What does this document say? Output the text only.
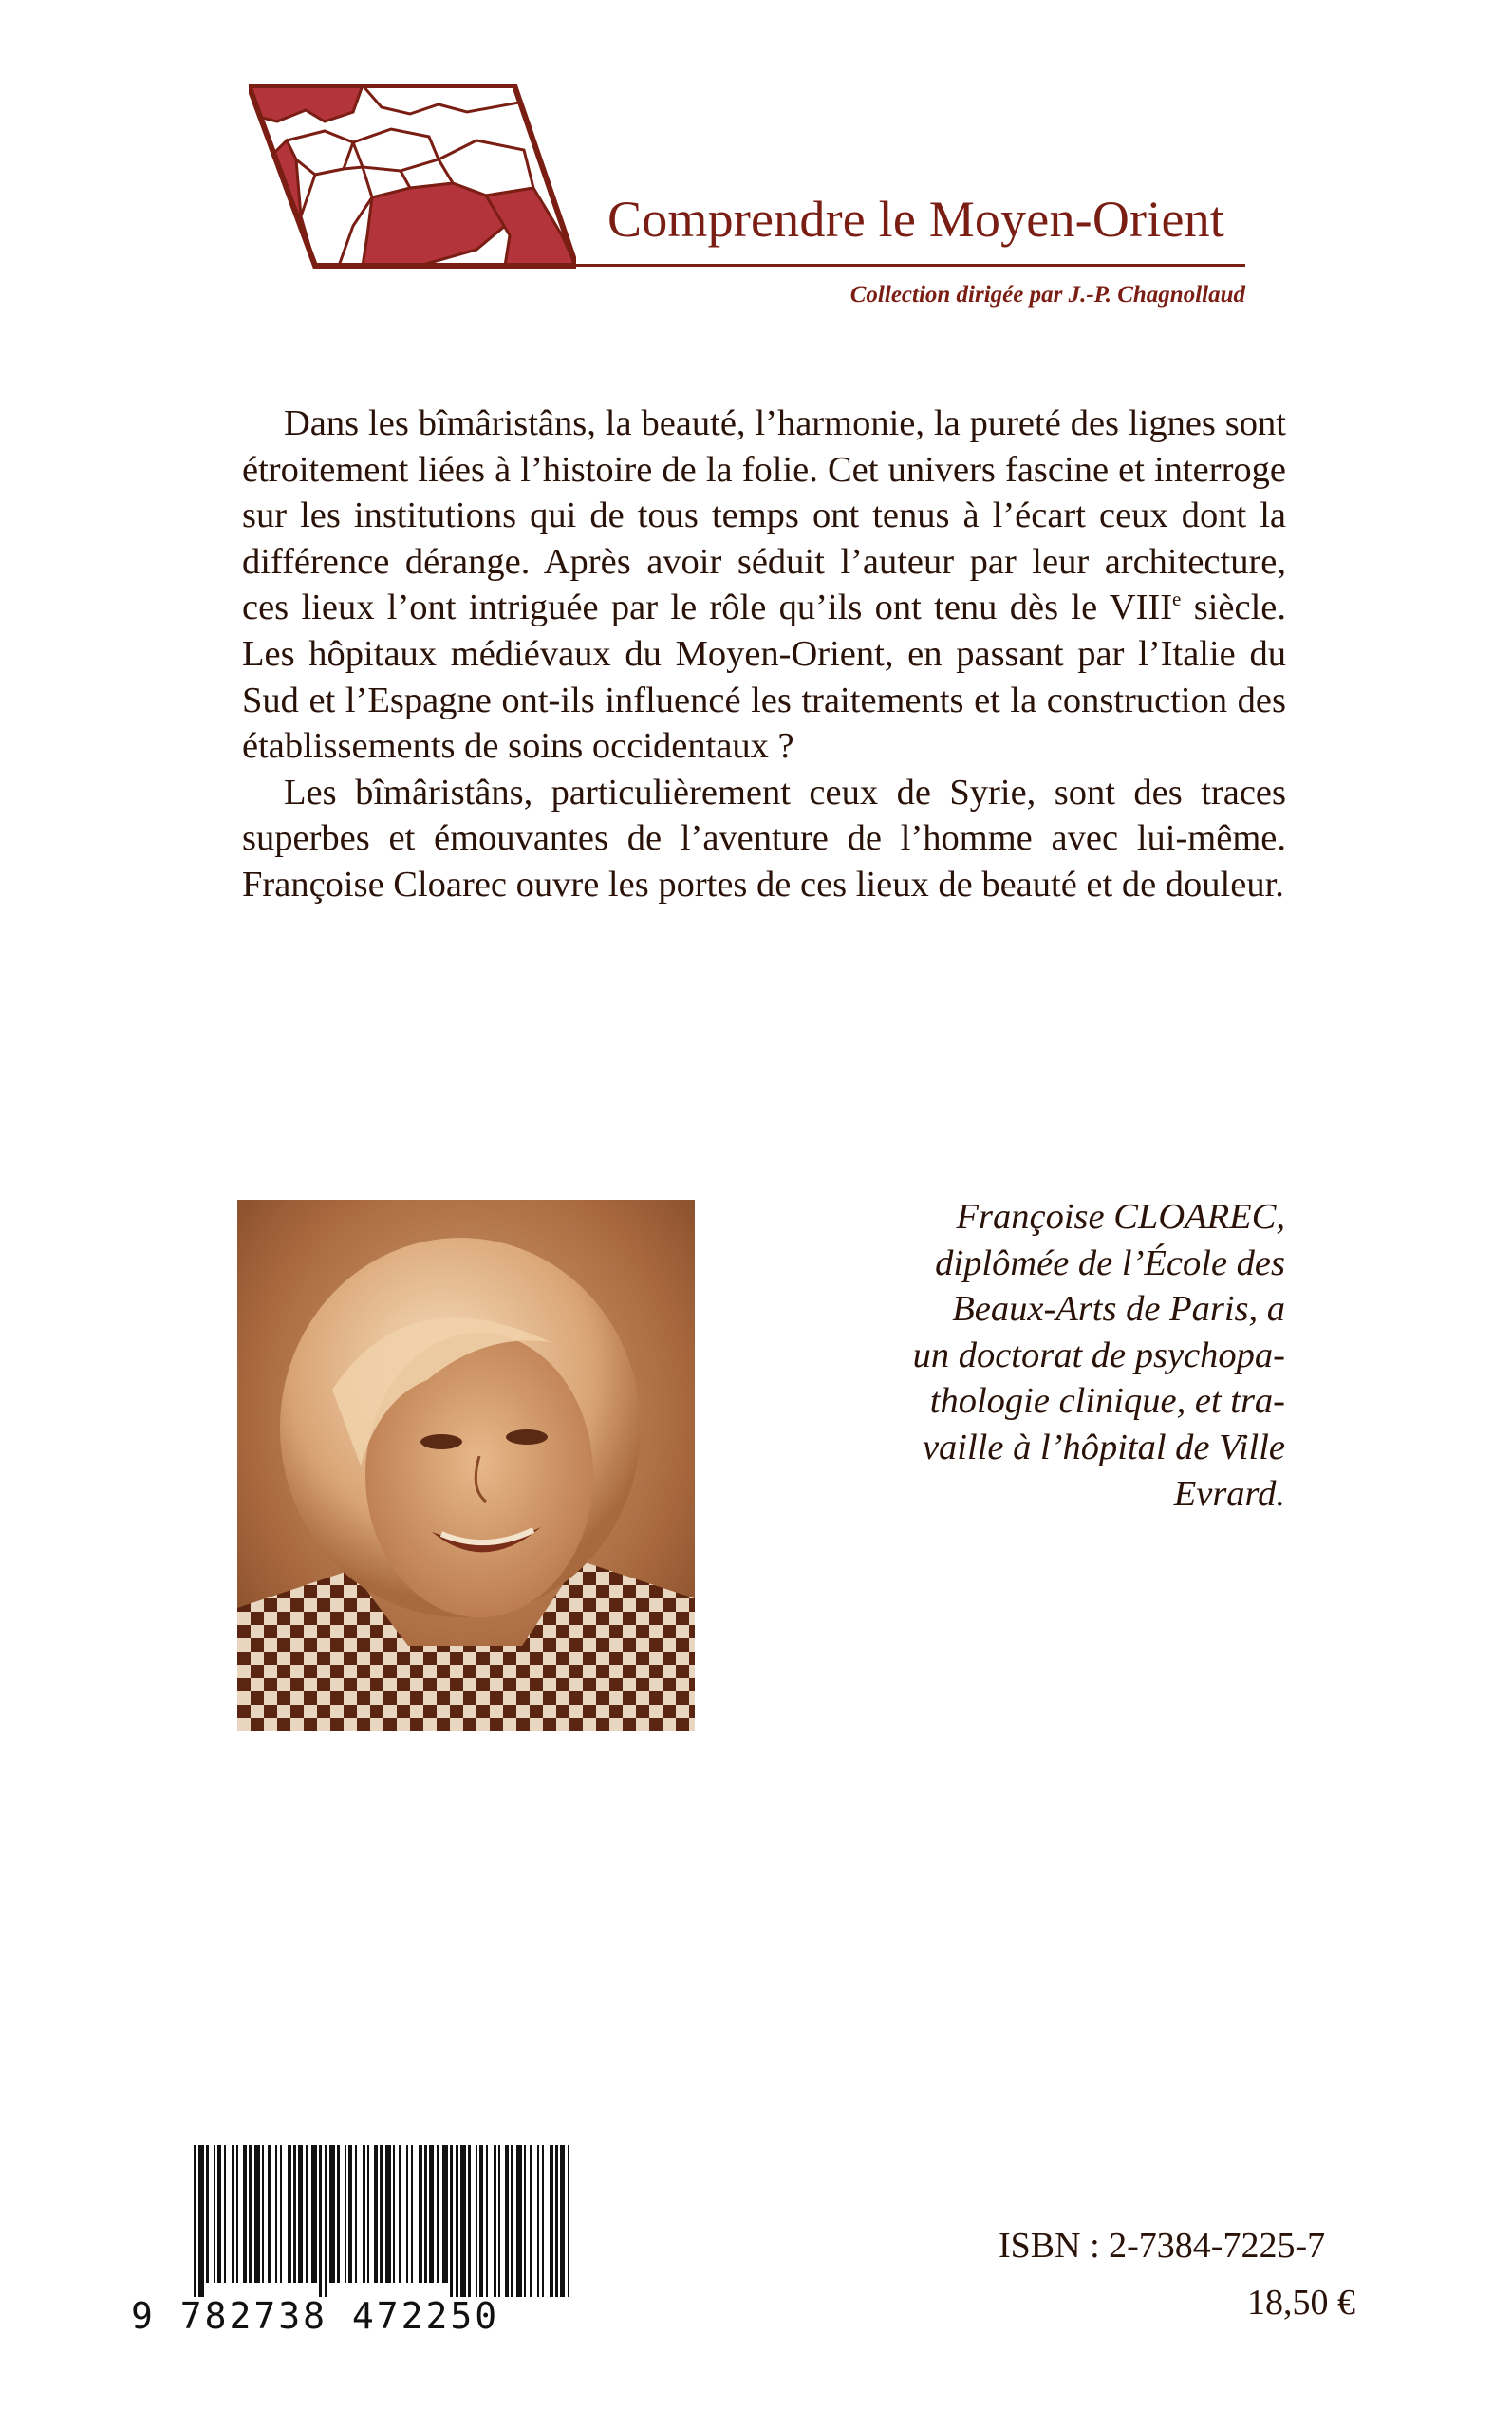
Comprendre le Moyen-Orient
Collection dirigée par J.-P. Chagnollaud

Dans les bîmâristâns, la beauté, l’harmonie, la pureté des lignes sont étroitement liées à l’histoire de la folie. Cet univers fascine et interroge sur les institutions qui de tous temps ont tenus à l’écart ceux dont la différence dérange. Après avoir séduit l’auteur par leur architecture, ces lieux l’ont intriguée par le rôle qu’ils ont tenu dès le VIIIe siècle. Les hôpitaux médiévaux du Moyen-Orient, en passant par l’Italie du Sud et l’Espagne ont-ils influencé les traitements et la construction des établissements de soins occidentaux ?

Les bîmâristâns, particulièrement ceux de Syrie, sont des traces superbes et émouvantes de l’aventure de l’homme avec lui-même. Françoise Cloarec ouvre les portes de ces lieux de beauté et de douleur.

Françoise CLOAREC,
diplômée de l’École des
Beaux-Arts de Paris, a
un doctorat de psychopa-
thologie clinique, et tra-
vaille à l’hôpital de Ville
Evrard.
9 782738 472250
ISBN : 2-7384-7225-7
18,50 €
